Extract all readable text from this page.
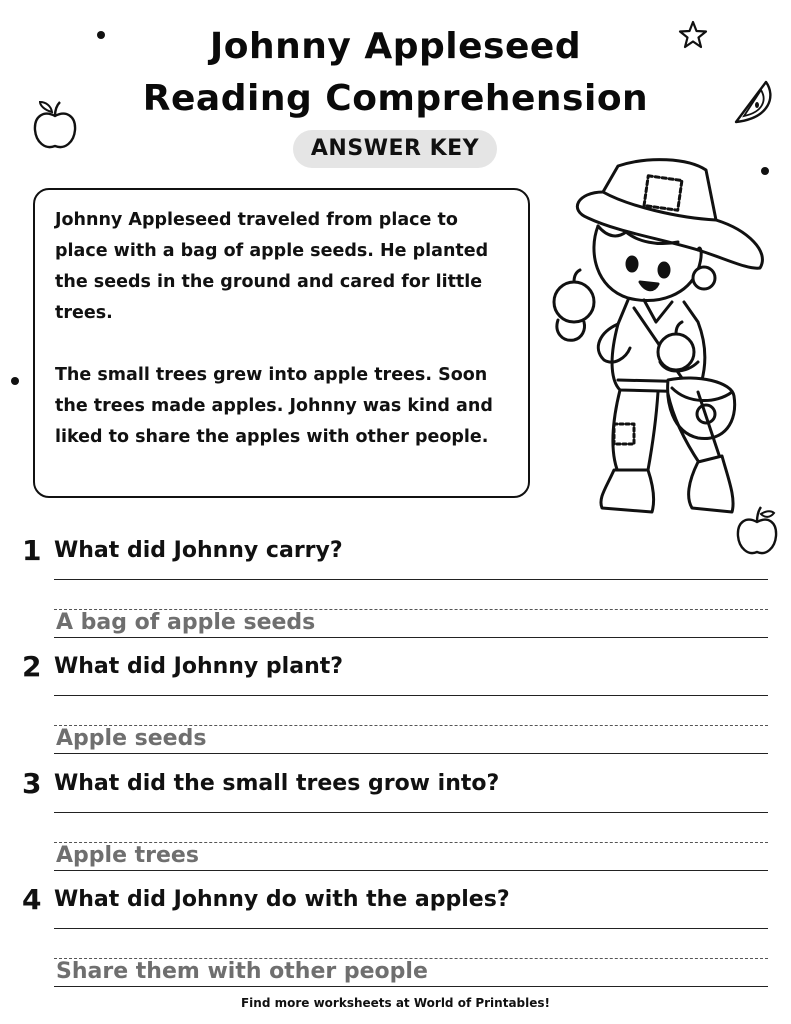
Johnny Appleseed
Reading Comprehension
ANSWER KEY

Johnny Appleseed traveled from place to place with a bag of apple seeds. He planted the seeds in the ground and cared for little trees.

The small trees grew into apple trees. Soon the trees made apples. Johnny was kind and liked to share the apples with other people.

1 What did Johnny carry?
A bag of apple seeds
2 What did Johnny plant?
Apple seeds
3 What did the small trees grow into?
Apple trees
4 What did Johnny do with the apples?
Share them with other people
Find more worksheets at World of Printables!
